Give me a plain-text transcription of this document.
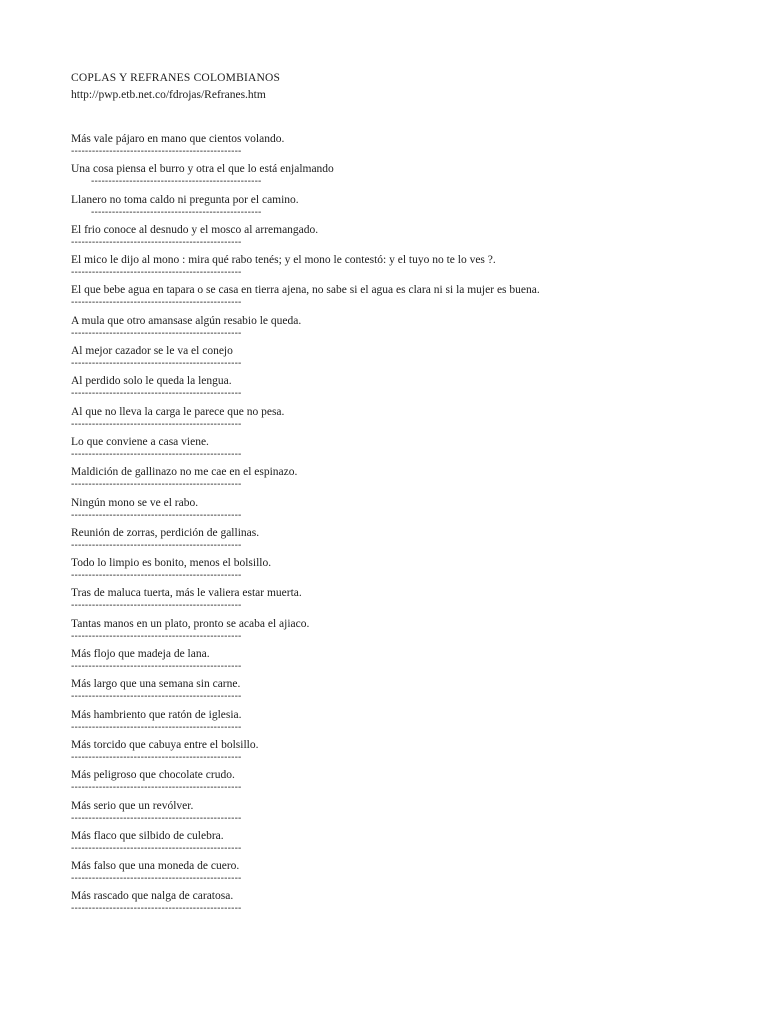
COPLAS Y REFRANES COLOMBIANOS
http://pwp.etb.net.co/fdrojas/Refranes.htm
Más vale pájaro en mano que cientos volando.
-------------------------------------------------
Una cosa piensa el burro y otra el que lo está enjalmando
-------------------------------------------------
Llanero no toma caldo ni pregunta por el camino.
-------------------------------------------------
El frio conoce al desnudo y el mosco al arremangado.
-------------------------------------------------
El mico le dijo al mono : mira qué rabo tenés; y el mono le contestó: y el tuyo no te lo ves ?.
-------------------------------------------------
El que bebe agua en tapara o se casa en tierra ajena, no sabe si el agua es clara ni si la mujer es buena.
-------------------------------------------------
A mula que otro amansase algún resabio le queda.
-------------------------------------------------
Al mejor cazador se le va el conejo
-------------------------------------------------
Al perdido solo le queda la lengua.
-------------------------------------------------
Al que no lleva la carga le parece que no pesa.
-------------------------------------------------
Lo que conviene a casa viene.
-------------------------------------------------
Maldición de gallinazo no me cae en el espinazo.
-------------------------------------------------
Ningún mono se ve el rabo.
-------------------------------------------------
Reunión de zorras, perdición de gallinas.
-------------------------------------------------
Todo lo limpio es bonito, menos el bolsillo.
-------------------------------------------------
Tras de maluca tuerta, más le valiera estar muerta.
-------------------------------------------------
Tantas manos en un plato, pronto se acaba el ajiaco.
-------------------------------------------------
Más flojo que madeja de lana.
-------------------------------------------------
Más largo que una semana sin carne.
-------------------------------------------------
Más hambriento que ratón de iglesia.
-------------------------------------------------
Más torcido que cabuya entre el bolsillo.
-------------------------------------------------
Más peligroso que chocolate crudo.
-------------------------------------------------
Más serio que un revólver.
-------------------------------------------------
Más flaco que silbido de culebra.
-------------------------------------------------
Más falso que una moneda de cuero.
-------------------------------------------------
Más rascado que nalga de caratosa.
-------------------------------------------------
